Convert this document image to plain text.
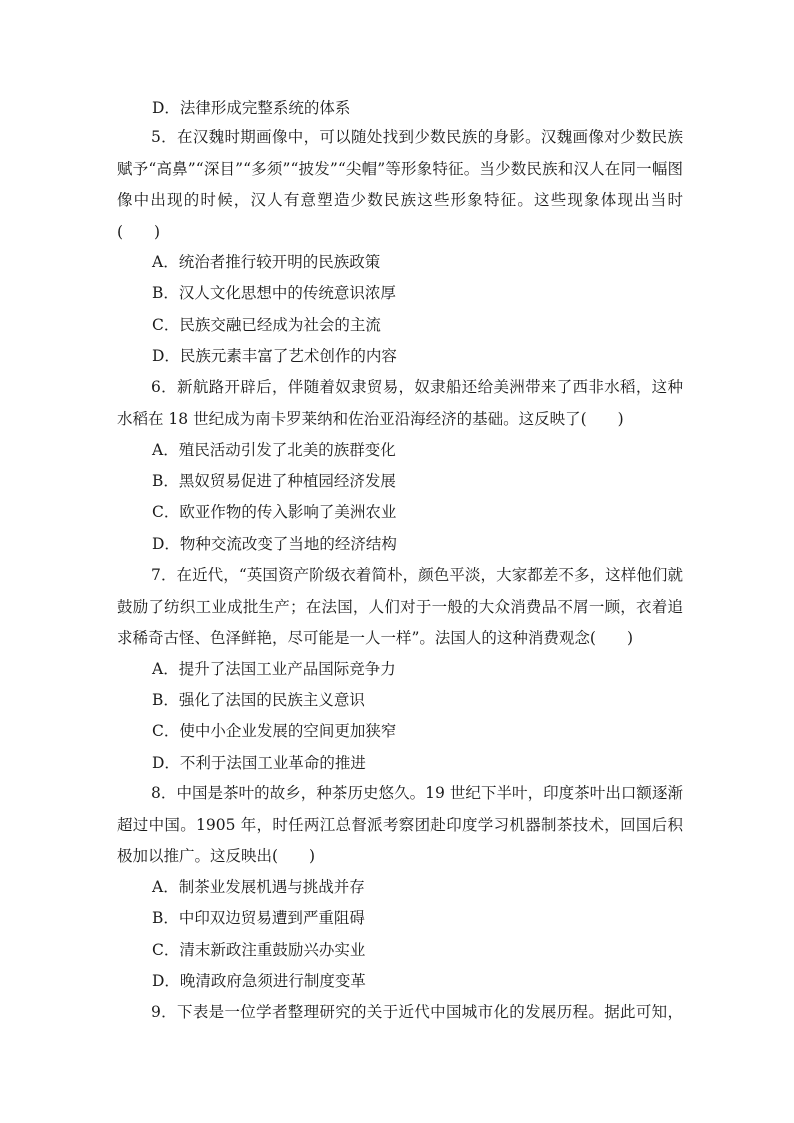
D．法律形成完整系统的体系
5．在汉魏时期画像中，可以随处找到少数民族的身影。汉魏画像对少数民族赋予“高鼻”“深目”“多须”“披发”“尖帽”等形象特征。当少数民族和汉人在同一幅图像中出现的时候，汉人有意塑造少数民族这些形象特征。这些现象体现出当时(　　)
A．统治者推行较开明的民族政策
B．汉人文化思想中的传统意识浓厚
C．民族交融已经成为社会的主流
D．民族元素丰富了艺术创作的内容
6．新航路开辟后，伴随着奴隶贸易，奴隶船还给美洲带来了西非水稻，这种水稻在 18 世纪成为南卡罗莱纳和佐治亚沿海经济的基础。这反映了(　　)
A．殖民活动引发了北美的族群变化
B．黑奴贸易促进了种植园经济发展
C．欧亚作物的传入影响了美洲农业
D．物种交流改变了当地的经济结构
7．在近代，“英国资产阶级衣着简朴，颜色平淡，大家都差不多，这样他们就鼓励了纺织工业成批生产；在法国，人们对于一般的大众消费品不屑一顾，衣着追求稀奇古怪、色泽鲜艳，尽可能是一人一样”。法国人的这种消费观念(　　)
A．提升了法国工业产品国际竞争力
B．强化了法国的民族主义意识
C．使中小企业发展的空间更加狭窄
D．不利于法国工业革命的推进
8．中国是茶叶的故乡，种茶历史悠久。19 世纪下半叶，印度茶叶出口额逐渐超过中国。1905 年，时任两江总督派考察团赴印度学习机器制茶技术，回国后积极加以推广。这反映出(　　)
A．制茶业发展机遇与挑战并存
B．中印双边贸易遭到严重阻碍
C．清末新政注重鼓励兴办实业
D．晚清政府急须进行制度变革
9．下表是一位学者整理研究的关于近代中国城市化的发展历程。据此可知，
